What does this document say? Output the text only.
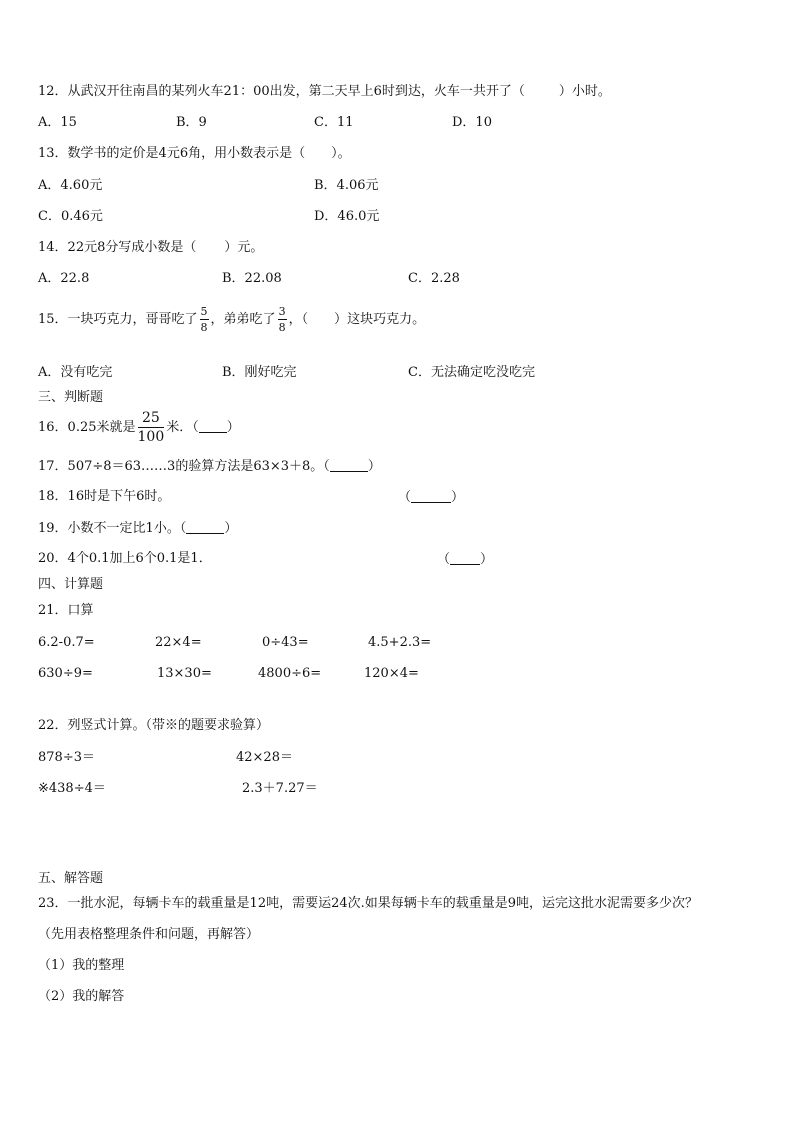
12．从武汉开往南昌的某列火车21：00出发，第二天早上6时到达，火车一共开了（	）小时。
A．15	B．9	C．11	D．10
13．数学书的定价是4元6角，用小数表示是（ ）。
A．4.60元	B．4.06元
C．0.46元	D．46.0元
14．22元8分写成小数是（ ）元。
A．22.8	B．22.08	C．2.28
15．一块巧克力，哥哥吃了 $\frac{5}{8}$ ，弟弟吃了 $\frac{3}{8}$ ，（ ）这块巧克力。
A．没有吃完	B．刚好吃完	C．无法确定吃没吃完
三、判断题
16．0.25米就是 $\frac{25}{100}$ 米．（ ）
17．507÷8＝63……3的验算方法是63×3＋8。（	）
18．16时是下午6时。	（	）
19．小数不一定比1小。（	）
20．4个0.1加上6个0.1是1．	（ ）
四、计算题
21．口算
6.2-0.7=	22×4=	0÷43=	4.5+2.3=
630÷9=	13×30=	4800÷6=	120×4=
22．列竖式计算。（带※的题要求验算）
878÷3＝	42×28＝
※438÷4＝	2.3＋7.27＝
五、解答题
23．一批水泥，每辆卡车的载重量是12吨，需要运24次.如果每辆卡车的载重量是9吨，运完这批水泥需要多少次？
（先用表格整理条件和问题，再解答）
（1）我的整理
（2）我的解答
